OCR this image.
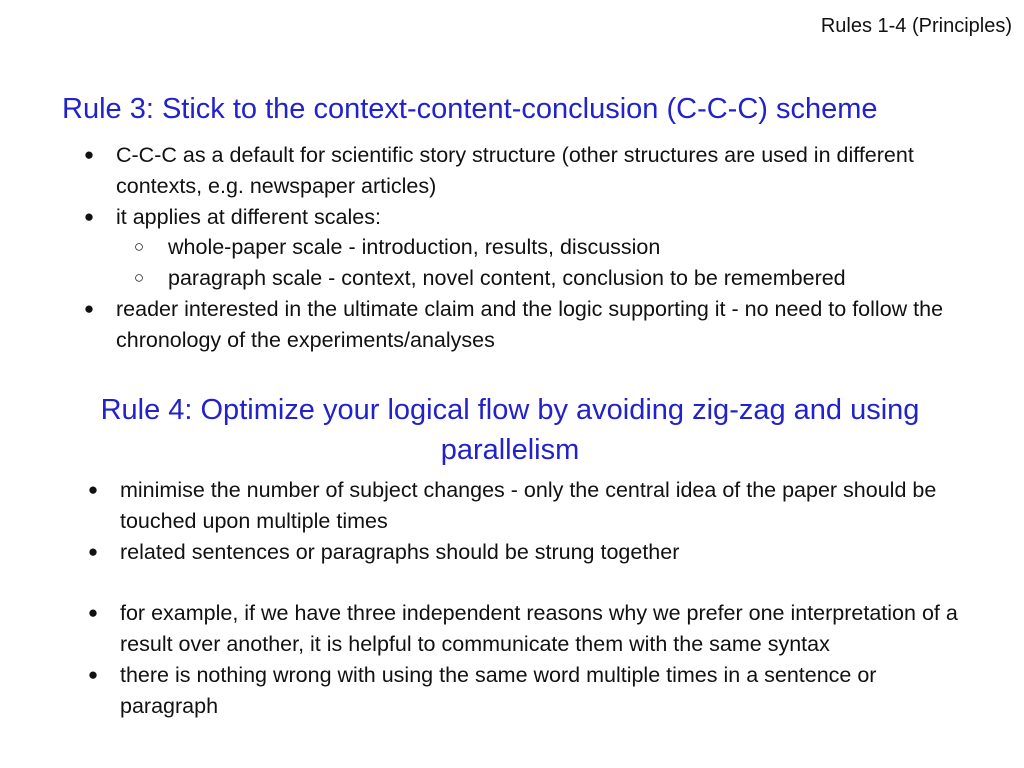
Rules 1-4 (Principles)
Rule 3: Stick to the context-content-conclusion (C-C-C) scheme
● C-C-C as a default for scientific story structure (other structures are used in different contexts, e.g. newspaper articles)
● it applies at different scales:
○ whole-paper scale - introduction, results, discussion
○ paragraph scale - context, novel content, conclusion to be remembered
● reader interested in the ultimate claim and the logic supporting it - no need to follow the chronology of the experiments/analyses
Rule 4: Optimize your logical flow by avoiding zig-zag and using parallelism
● minimise the number of subject changes - only the central idea of the paper should be touched upon multiple times
● related sentences or paragraphs should be strung together
● for example, if we have three independent reasons why we prefer one interpretation of a result over another, it is helpful to communicate them with the same syntax
● there is nothing wrong with using the same word multiple times in a sentence or paragraph
